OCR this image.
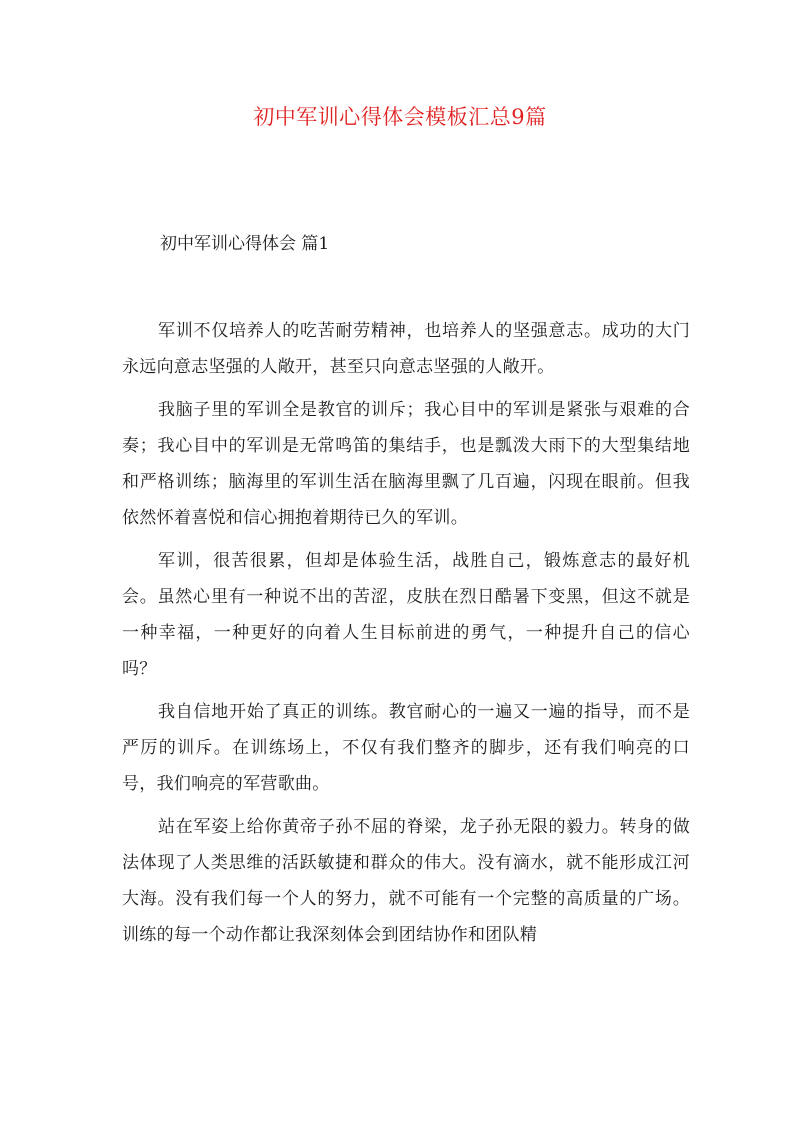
初中军训心得体会模板汇总9篇
初中军训心得体会 篇1

军训不仅培养人的吃苦耐劳精神，也培养人的坚强意志。成功的大门永远向意志坚强的人敞开，甚至只向意志坚强的人敞开。

我脑子里的军训全是教官的训斥；我心目中的军训是紧张与艰难的合奏；我心目中的军训是无常鸣笛的集结手，也是瓢泼大雨下的大型集结地和严格训练；脑海里的军训生活在脑海里飘了几百遍，闪现在眼前。但我依然怀着喜悦和信心拥抱着期待已久的军训。

军训，很苦很累，但却是体验生活，战胜自己，锻炼意志的最好机会。虽然心里有一种说不出的苦涩，皮肤在烈日酷暑下变黑，但这不就是一种幸福，一种更好的向着人生目标前进的勇气，一种提升自己的信心吗？

我自信地开始了真正的训练。教官耐心的一遍又一遍的指导，而不是严厉的训斥。在训练场上，不仅有我们整齐的脚步，还有我们响亮的口号，我们响亮的军营歌曲。

站在军姿上给你黄帝子孙不屈的脊梁，龙子孙无限的毅力。转身的做法体现了人类思维的活跃敏捷和群众的伟大。没有滴水，就不能形成江河大海。没有我们每一个人的努力，就不可能有一个完整的高质量的广场。训练的每一个动作都让我深刻体会到团结协作和团队精
